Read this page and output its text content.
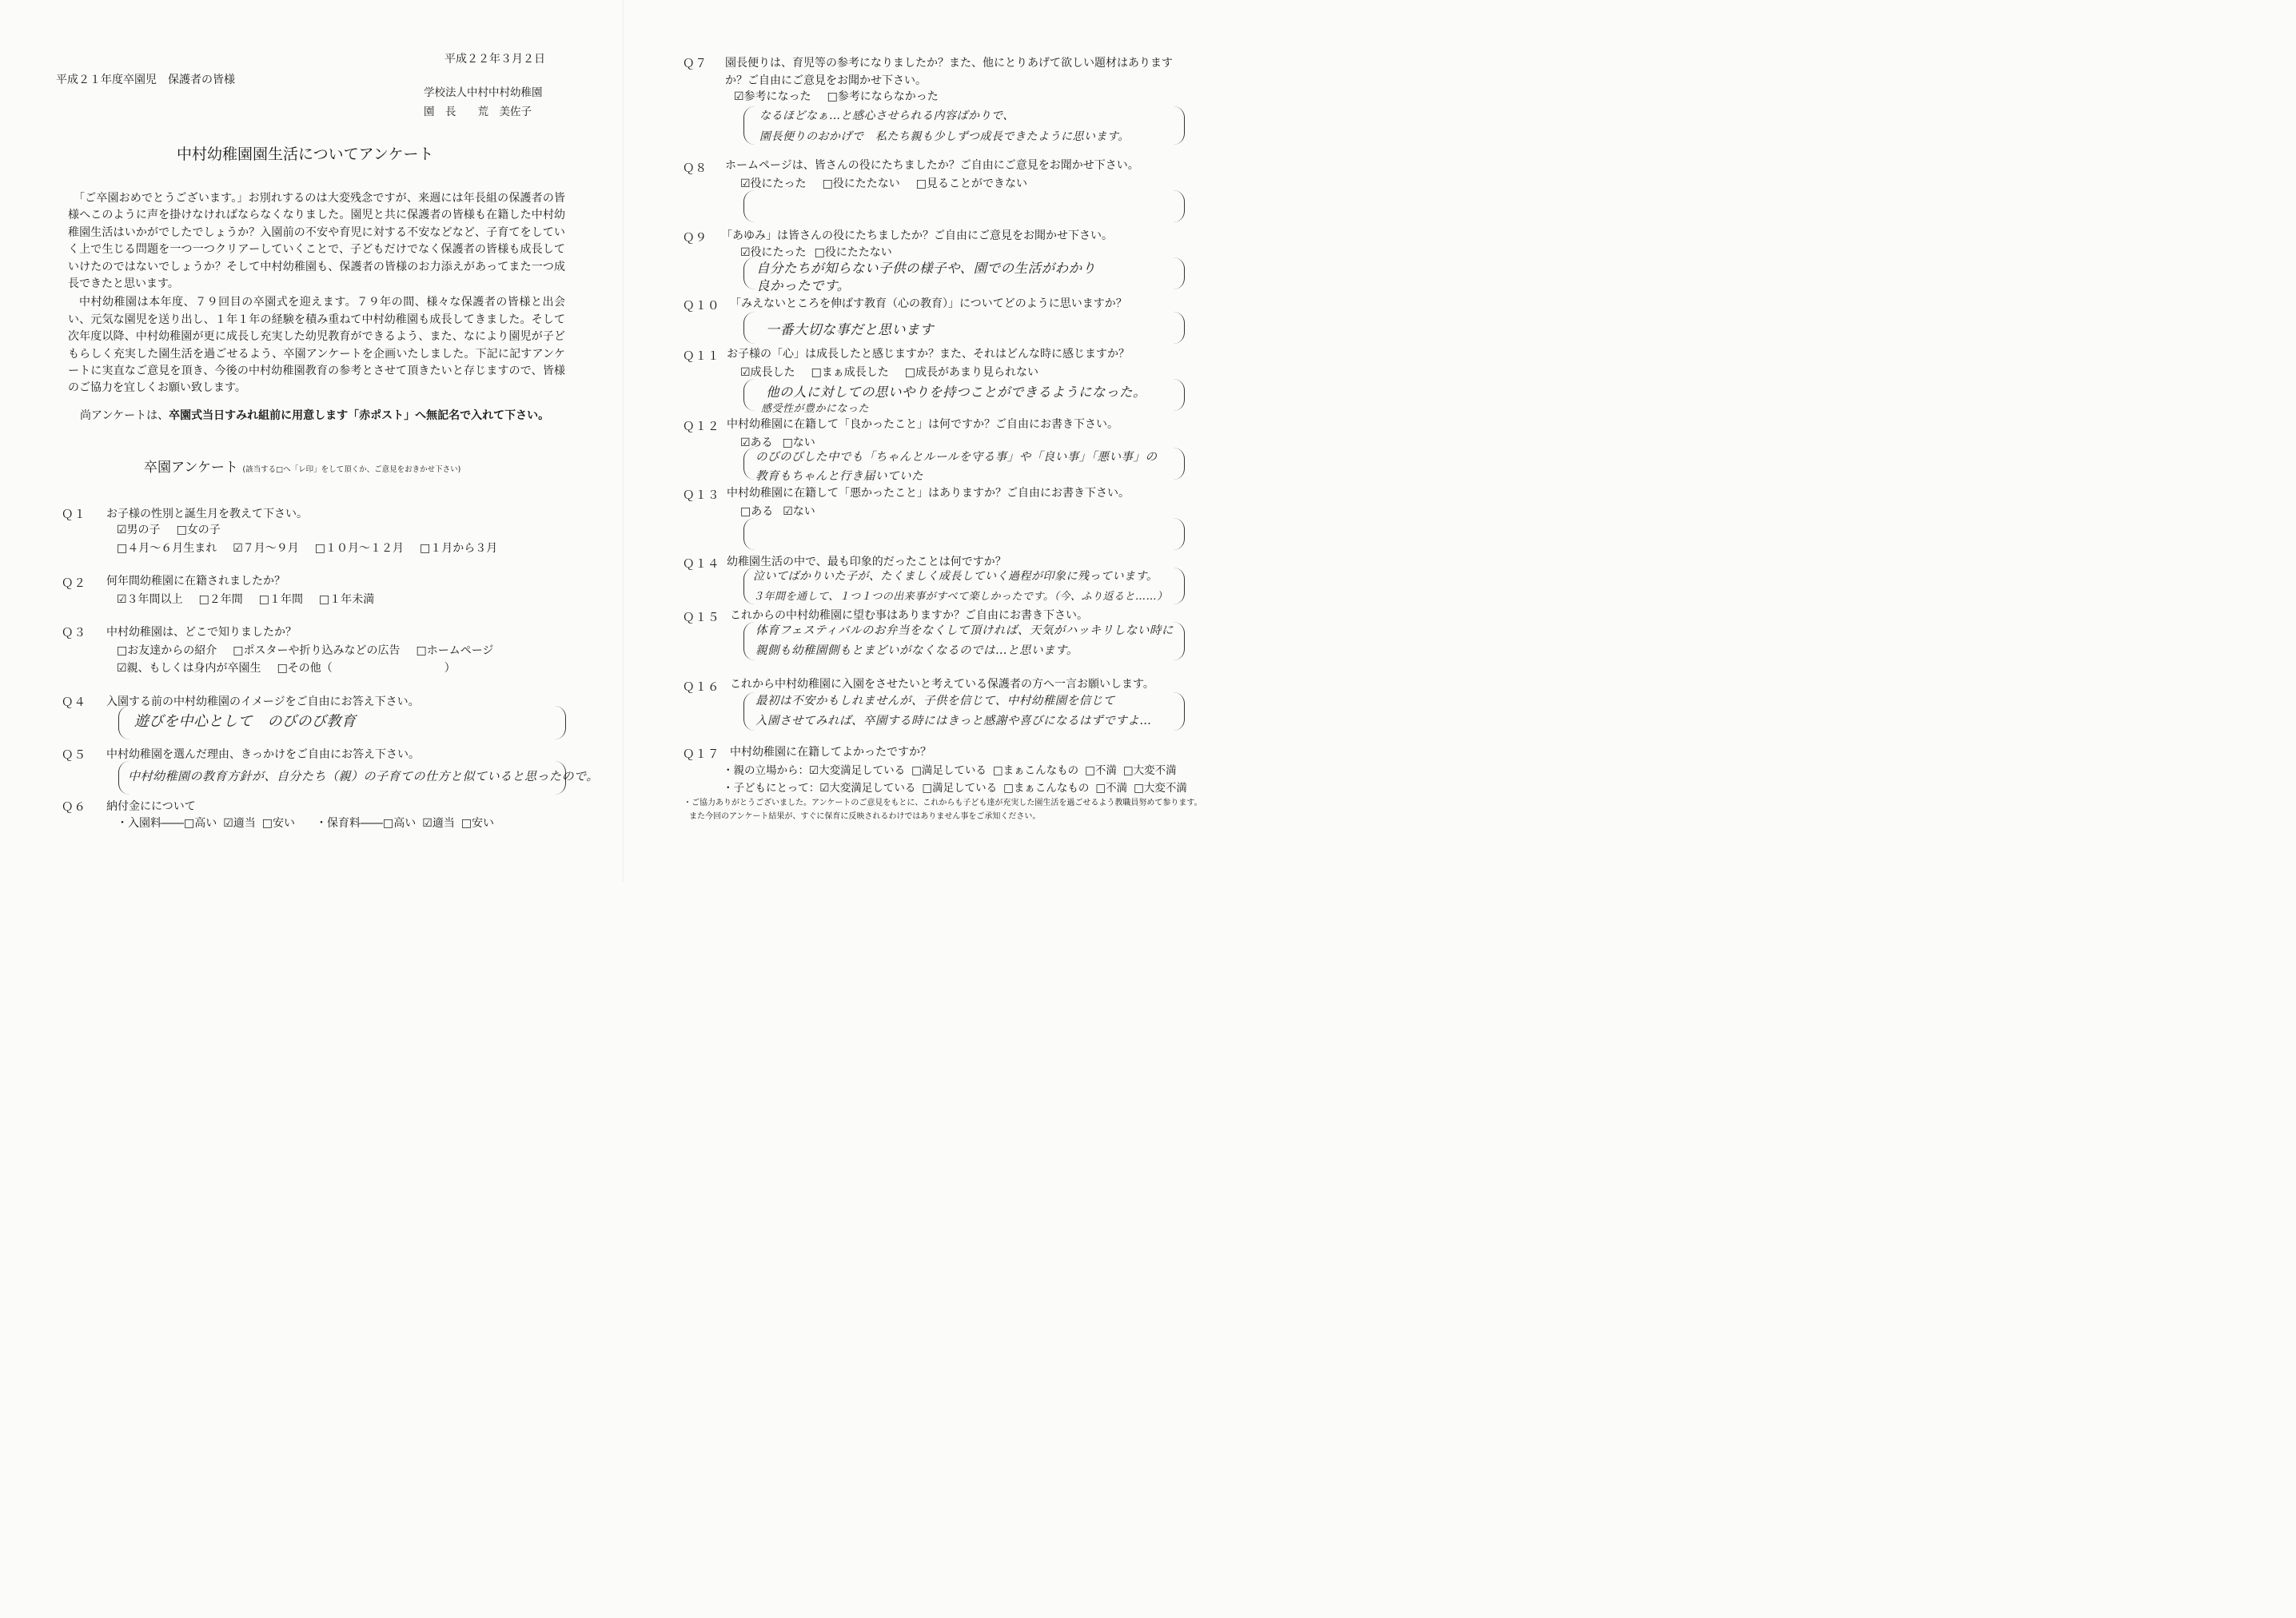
平成２２年３月２日
平成２１年度卒園児　保護者の皆様
学校法人中村中村幼稚園
園　長　　荒　美佐子
中村幼稚園園生活についてアンケート

「ご卒園おめでとうございます。」お別れするのは大変残念ですが、来週には年長組の保護者の皆様へこのように声を掛けなければならなくなりました。園児と共に保護者の皆様も在籍した中村幼稚園生活はいかがでしたでしょうか？入園前の不安や育児に対する不安などなど、子育てをしていく上で生じる問題を一つ一つクリアーしていくことで、子どもだけでなく保護者の皆様も成長していけたのではないでしょうか？そして中村幼稚園も、保護者の皆様のお力添えがあってまた一つ成長できたと思います。

中村幼稚園は本年度、７９回目の卒園式を迎えます。７９年の間、様々な保護者の皆様と出会い、元気な園児を送り出し、１年１年の経験を積み重ねて中村幼稚園も成長してきました。そして次年度以降、中村幼稚園が更に成長し充実した幼児教育ができるよう、また、なにより園児が子どもらしく充実した園生活を過ごせるよう、卒園アンケートを企画いたしました。下記に記すアンケートに実直なご意見を頂き、今後の中村幼稚園教育の参考とさせて頂きたいと存じますので、皆様のご協力を宜しくお願い致します。

尚アンケートは、卒園式当日すみれ組前に用意します「赤ポスト」へ無記名で入れて下さい。
卒園アンケート (該当する□へ「レ印」をして頂くか、ご意見をおきかせ下さい)
Ｑ１ お子様の性別と誕生月を教えて下さい。
☑男の子 □女の子
□４月～６月生まれ ☑７月～９月 □１０月～１２月 □１月から３月
Ｑ２ 何年間幼稚園に在籍されましたか？
☑３年間以上 □２年間 □１年間 □１年未満
Ｑ３ 中村幼稚園は、どこで知りましたか？
□お友達からの紹介 □ポスターや折り込みなどの広告 □ホームページ
☑親、もしくは身内が卒園生 □その他（　　　　　　　　　　）
Ｑ４ 入園する前の中村幼稚園のイメージをご自由にお答え下さい。
遊びを中心として　のびのび教育
Ｑ５ 中村幼稚園を選んだ理由、きっかけをご自由にお答え下さい。
中村幼稚園の教育方針が、自分たち（親）の子育ての仕方と似ていると思ったので。
Ｑ６ 納付金にについて
・入園料――□高い ☑適当 □安い ・保育料――□高い ☑適当 □安い
Ｑ７ 園長便りは、育児等の参考になりましたか？また、他にとりあげて欲しい題材はありますか？ご自由にご意見をお聞かせ下さい。
☑参考になった □参考にならなかった
なるほどなぁ…と感心させられる内容ばかりで、
園長便りのおかげで　私たち親も少しずつ成長できたように思います。
Ｑ８ ホームページは、皆さんの役にたちましたか？ご自由にご意見をお聞かせ下さい。
☑役にたった □役にたたない □見ることができない
Ｑ９ 「あゆみ」は皆さんの役にたちましたか？ご自由にご意見をお聞かせ下さい。
☑役にたった □役にたたない
自分たちが知らない子供の様子や、園での生活がわかり
良かったです。
Ｑ１０ 「みえないところを伸ばす教育（心の教育）」についてどのように思いますか？
一番大切な事だと思います
Ｑ１１ お子様の「心」は成長したと感じますか？また、それはどんな時に感じますか？
☑成長した □まぁ成長した □成長があまり見られない
他の人に対しての思いやりを持つことができるようになった。
感受性が豊かになった
Ｑ１２ 中村幼稚園に在籍して「良かったこと」は何ですか？ご自由にお書き下さい。
☑ある □ない
のびのびした中でも「ちゃんとルールを守る事」や「良い事」「悪い事」の
教育もちゃんと行き届いていた
Ｑ１３ 中村幼稚園に在籍して「悪かったこと」はありますか？ご自由にお書き下さい。
□ある ☑ない
Ｑ１４ 幼稚園生活の中で、最も印象的だったことは何ですか？
泣いてばかりいた子が、たくましく成長していく過程が印象に残っています。
３年間を通して、１つ１つの出来事がすべて楽しかったです。（今、ふり返ると……）
Ｑ１５ これからの中村幼稚園に望む事はありますか？ご自由にお書き下さい。
体育フェスティバルのお弁当をなくして頂ければ、天気がハッキリしない時に
親側も幼稚園側もとまどいがなくなるのでは…と思います。
Ｑ１６ これから中村幼稚園に入園をさせたいと考えている保護者の方へ一言お願いします。
最初は不安かもしれませんが、子供を信じて、中村幼稚園を信じて
入園させてみれば、卒園する時にはきっと感謝や喜びになるはずですよ…
Ｑ１７ 中村幼稚園に在籍してよかったですか？
・親の立場から：☑大変満足している □満足している □まぁこんなもの □不満 □大変不満
・子どもにとって：☑大変満足している □満足している □まぁこんなもの □不満 □大変不満
・ご協力ありがとうございました。アンケートのご意見をもとに、これからも子ども達が充実した園生活を過ごせるよう教職員努めて参ります。
また今回のアンケート結果が、すぐに保育に反映されるわけではありません事をご承知ください。
